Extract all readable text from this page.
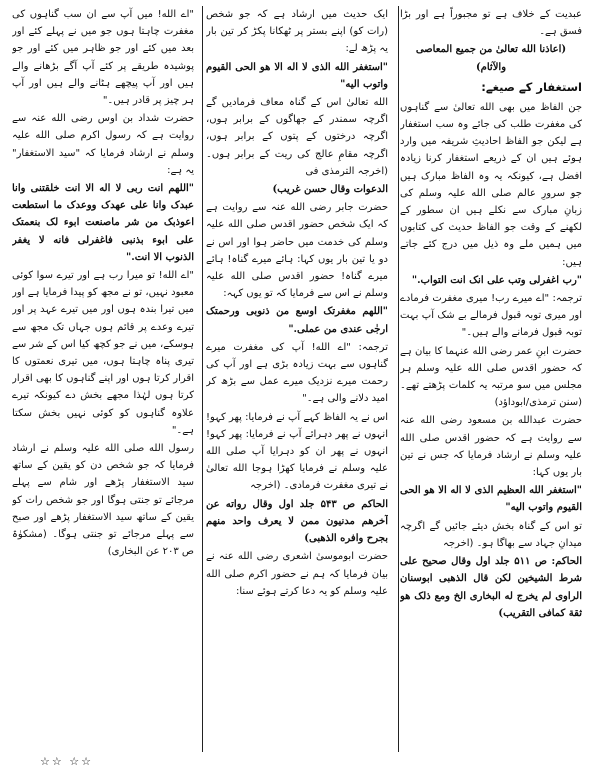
عبدیت کے خلاف ہے تو مجبوراً ہے اور بڑا فسق ہے۔

(اعاذنا الله تعالیٰ من جمیع المعاصی والآثام)

استغفار کے صیغے:

جن الفاظ میں بھی الله تعالیٰ سے گناہوں کی مغفرت طلب کی جائے وہ سب استغفار ہے لیکن جو الفاظ احادیثِ شریفہ میں وارد ہوئے ہیں ان کے ذریعے استغفار کرنا زیادہ افضل ہے، کیونکہ یہ وہ الفاظ مبارک ہیں جو سرورِ عالم صلی الله علیہ وسلم کی زبانِ مبارک سے نکلے ہیں ان سطور کے لکھنے کے وقت جو الفاظ حدیث کی کتابوں میں ہمیں ملے وہ ذیل میں درج کئے جاتے ہیں:

"رب اغفرلی وتب علی انک انت التواب."

ترجمہ: "اے میرے رب! میری مغفرت فرمادے اور میری توبہ قبول فرمالے بے شک آپ بہت توبہ قبول فرمانے والے ہیں۔"

حضرت ابنِ عمر رضی الله عنہما کا بیان ہے کہ حضور اقدس صلی الله علیہ وسلم ہر مجلس میں سو مرتبہ یہ کلمات پڑھتے تھے۔ (سنن ترمذی/ابوداؤد)

حضرت عبدالله بن مسعود رضی الله عنہ سے روایت ہے کہ حضور اقدس صلی الله علیہ وسلم نے ارشاد فرمایا کہ جس نے تین بار یوں کہا:

"استغفر الله العظیم الذی لا اله الا هو الحی القیوم واتوب الیه"

تو اس کے گناہ بخش دیئے جائیں گے اگرچہ میدانِ جہاد سے بھاگا ہو۔ (اخرجہ

الحاکم: ص ۵۱۱ جلد اول وقال صحیح علی شرط الشیخین لکن قال الذهبی ابوسنان الراوی لم یخرج له البخاری الخ ومع ذلک هو ثقة کمافی التقریب)

ایک حدیث میں ارشاد ہے کہ جو شخص (رات کو) اپنے بستر پر ٹھکانا پکڑ کر تین بار یہ پڑھ لے:

"استغفر الله الذی لا اله الا هو الحی القیوم واتوب الیه"

الله تعالیٰ اس کے گناہ معاف فرمادیں گے اگرچہ سمندر کے جھاگوں کے برابر ہوں، اگرچہ درختوں کے پتوں کے برابر ہوں، اگرچہ مقامِ عالج کی ریت کے برابر ہوں۔ (اخرجہ الترمذی فی

الدعوات وقال حسن غریب)

حضرت جابر رضی الله عنہ سے روایت ہے کہ ایک شخص حضور اقدس صلی الله علیہ وسلم کی خدمت میں حاضر ہوا اور اس نے دو یا تین بار یوں کہا: ہائے میرے گناہ! ہائے میرے گناہ! حضور اقدس صلی الله علیہ وسلم نے اس سے فرمایا کہ تو یوں کہہ:

"اللهم مغفرتک اوسع من ذنوبی ورحمتک ارجٰی عندی من عملی."

ترجمہ: "اے الله! آپ کی مغفرت میرے گناہوں سے بہت زیادہ بڑی ہے اور آپ کی رحمت میرے نزدیک میرے عمل سے بڑھ کر امید دلانے والی ہے۔"

اس نے یہ الفاظ کہے آپ نے فرمایا: پھر کہو! انہوں نے پھر دہرائے آپ نے فرمایا: پھر کہو! انہوں نے پھر ان کو دہرایا آپ صلی الله علیہ وسلم نے فرمایا کھڑا ہوجا الله تعالیٰ نے تیری مغفرت فرمادی۔ (اخرجہ

الحاکم ص ۵۴۳ جلد اول وقال رواته عن آخرهم مدنیون ممن لا یعرف واحد منهم بجرح وافره الذهبی)

حضرت ابوموسیٰ اشعری رضی الله عنہ نے بیان فرمایا کہ ہم نے حضور اکرم صلی الله علیہ وسلم کو یہ دعا کرتے ہوئے سنا:

"اے الله! میں آپ سے ان سب گناہوں کی مغفرت چاہتا ہوں جو میں نے پہلے کئے اور بعد میں کئے اور جو ظاہر میں کئے اور جو پوشیدہ طریقے پر کئے آپ آگے بڑھانے والے ہیں اور آپ پیچھے ہٹانے والے ہیں اور آپ ہر چیز پر قادر ہیں۔"

حضرت شداد بن اوس رضی الله عنہ سے روایت ہے کہ رسول اکرم صلی الله علیہ وسلم نے ارشاد فرمایا کہ "سید الاستغفار" یہ ہے:

"اللهم انت ربی لا اله الا انت خلقتنی وانا عبدک وانا علی عهدک ووعدک ما استطعت اعوذبک من شر ماصنعت ابوء لک بنعمتک علی ابوء بذنبی فاغفرلی فانه لا یغفر الذنوب الا انت."

"اے الله! تو میرا رب ہے اور تیرے سوا کوئی معبود نہیں، تو نے مجھ کو پیدا فرمایا ہے اور میں تیرا بندہ ہوں اور میں تیرے عہد پر اور تیرے وعدے پر قائم ہوں جہاں تک مجھ سے ہوسکے، میں نے جو کچھ کیا اس کے شر سے تیری پناہ چاہتا ہوں، میں تیری نعمتوں کا اقرار کرتا ہوں اور اپنے گناہوں کا بھی اقرار کرتا ہوں لہٰذا مجھے بخش دے کیونکہ تیرے علاوہ گناہوں کو کوئی نہیں بخش سکتا ہے۔"

رسول الله صلی الله علیہ وسلم نے ارشاد فرمایا کہ جو شخص دن کو یقین کے ساتھ سید الاستغفار پڑھے اور شام سے پہلے مرجائے تو جنتی ہوگا اور جو شخص رات کو یقین کے ساتھ سید الاستغفار پڑھے اور صبح سے پہلے مرجائے تو جنتی ہوگا۔ (مشکوٰۃ ص ۲۰۳ عن البخاری)

☆☆ ☆☆
